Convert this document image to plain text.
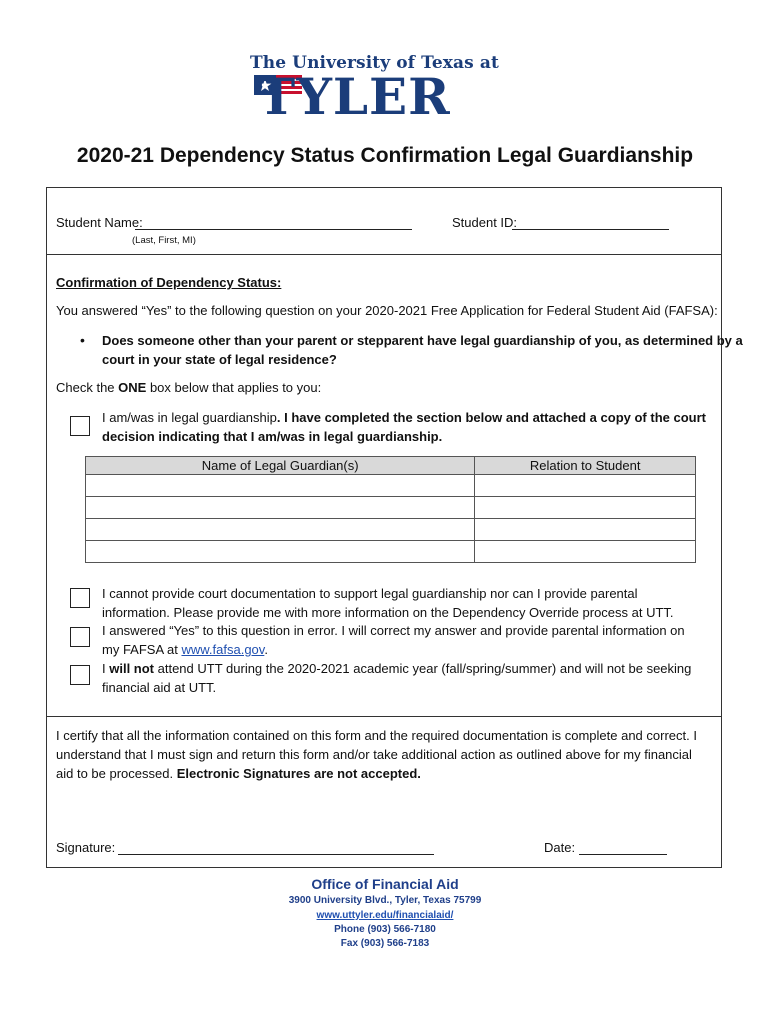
The University of Texas at
TYLER
2020-21 Dependency Status Confirmation Legal Guardianship
Student Name:
(Last, First, MI)
Student ID:
Confirmation of Dependency Status:
You answered “Yes” to the following question on your 2020-2021 Free Application for Federal Student Aid (FAFSA):
• Does someone other than your parent or stepparent have legal guardianship of you, as determined by a
court in your state of legal residence?
Check the ONE box below that applies to you:
I am/was in legal guardianship. I have completed the section below and attached a copy of the court
decision indicating that I am/was in legal guardianship.
Name of Legal Guardian(s)	Relation to Student

I cannot provide court documentation to support legal guardianship nor can I provide parental
information. Please provide me with more information on the Dependency Override process at UTT.
I answered “Yes” to this question in error. I will correct my answer and provide parental information on
my FAFSA at www.fafsa.gov.
I will not attend UTT during the 2020-2021 academic year (fall/spring/summer) and will not be seeking
financial aid at UTT.
I certify that all the information contained on this form and the required documentation is complete and correct. I
understand that I must sign and return this form and/or take additional action as outlined above for my financial
aid to be processed. Electronic Signatures are not accepted.
Signature:	Date:
Office of Financial Aid
3900 University Blvd., Tyler, Texas 75799
www.uttyler.edu/financialaid/
Phone (903) 566-7180
Fax (903) 566-7183
